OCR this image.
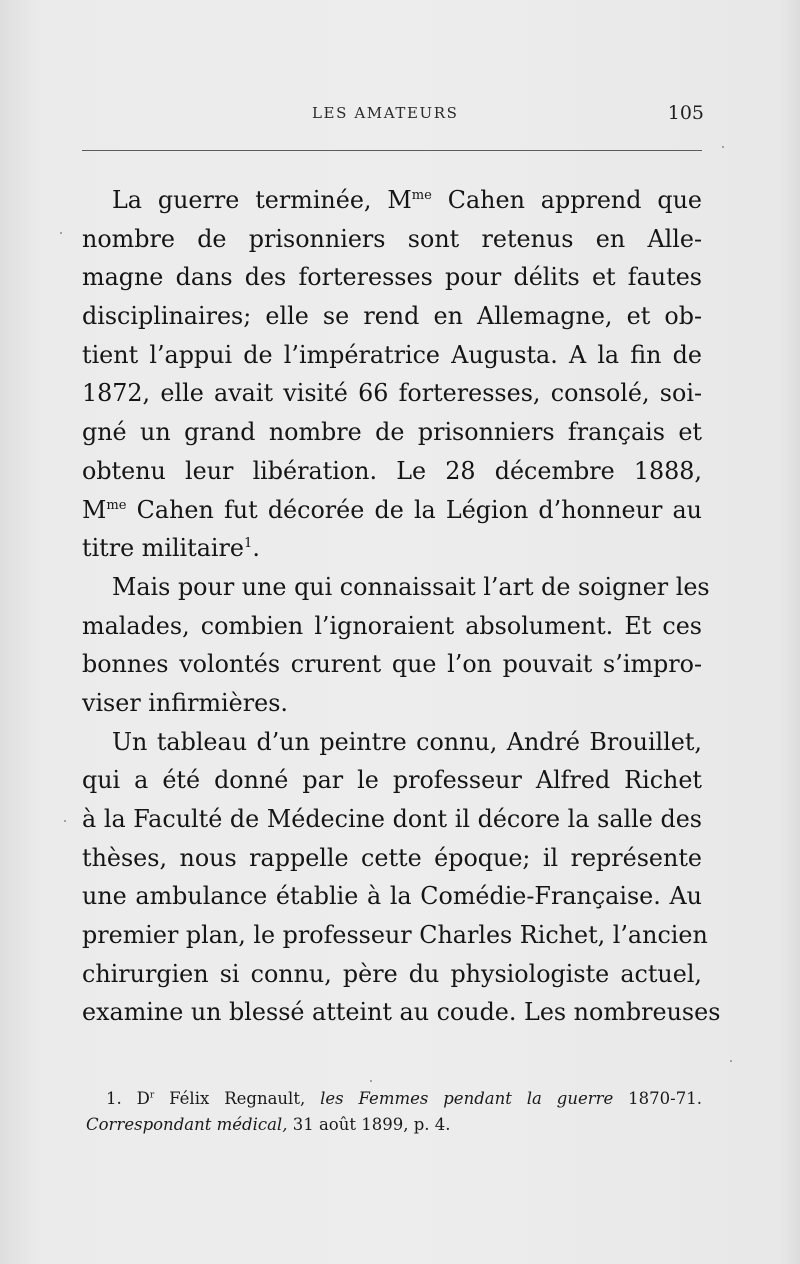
LES AMATEURS	105
La guerre terminée, $M^{me}$ Cahen apprend que
nombre de prisonniers sont retenus en Alle-
magne dans des forteresses pour délits et fautes
disciplinaires; elle se rend en Allemagne, et ob-
tient l’appui de l’impératrice Augusta. A la fin de
1872, elle avait visité 66 forteresses, consolé, soi-
gné un grand nombre de prisonniers français et
obtenu leur libération. Le 28 décembre 1888,
$M^{me}$ Cahen fut décorée de la Légion d’honneur au
titre militaire$^1$.
Mais pour une qui connaissait l’art de soigner les
malades, combien l’ignoraient absolument. Et ces
bonnes volontés crurent que l’on pouvait s’impro-
viser infirmières.
Un tableau d’un peintre connu, André Brouillet,
qui a été donné par le professeur Alfred Richet
à la Faculté de Médecine dont il décore la salle des
thèses, nous rappelle cette époque; il représente
une ambulance établie à la Comédie-Française. Au
premier plan, le professeur Charles Richet, l’ancien
chirurgien si connu, père du physiologiste actuel,
examine un blessé atteint au coude. Les nombreuses
1. $D^r$ Félix Regnault, les Femmes pendant la guerre 1870-71.
Correspondant médical, 31 août 1899, p. 4.
